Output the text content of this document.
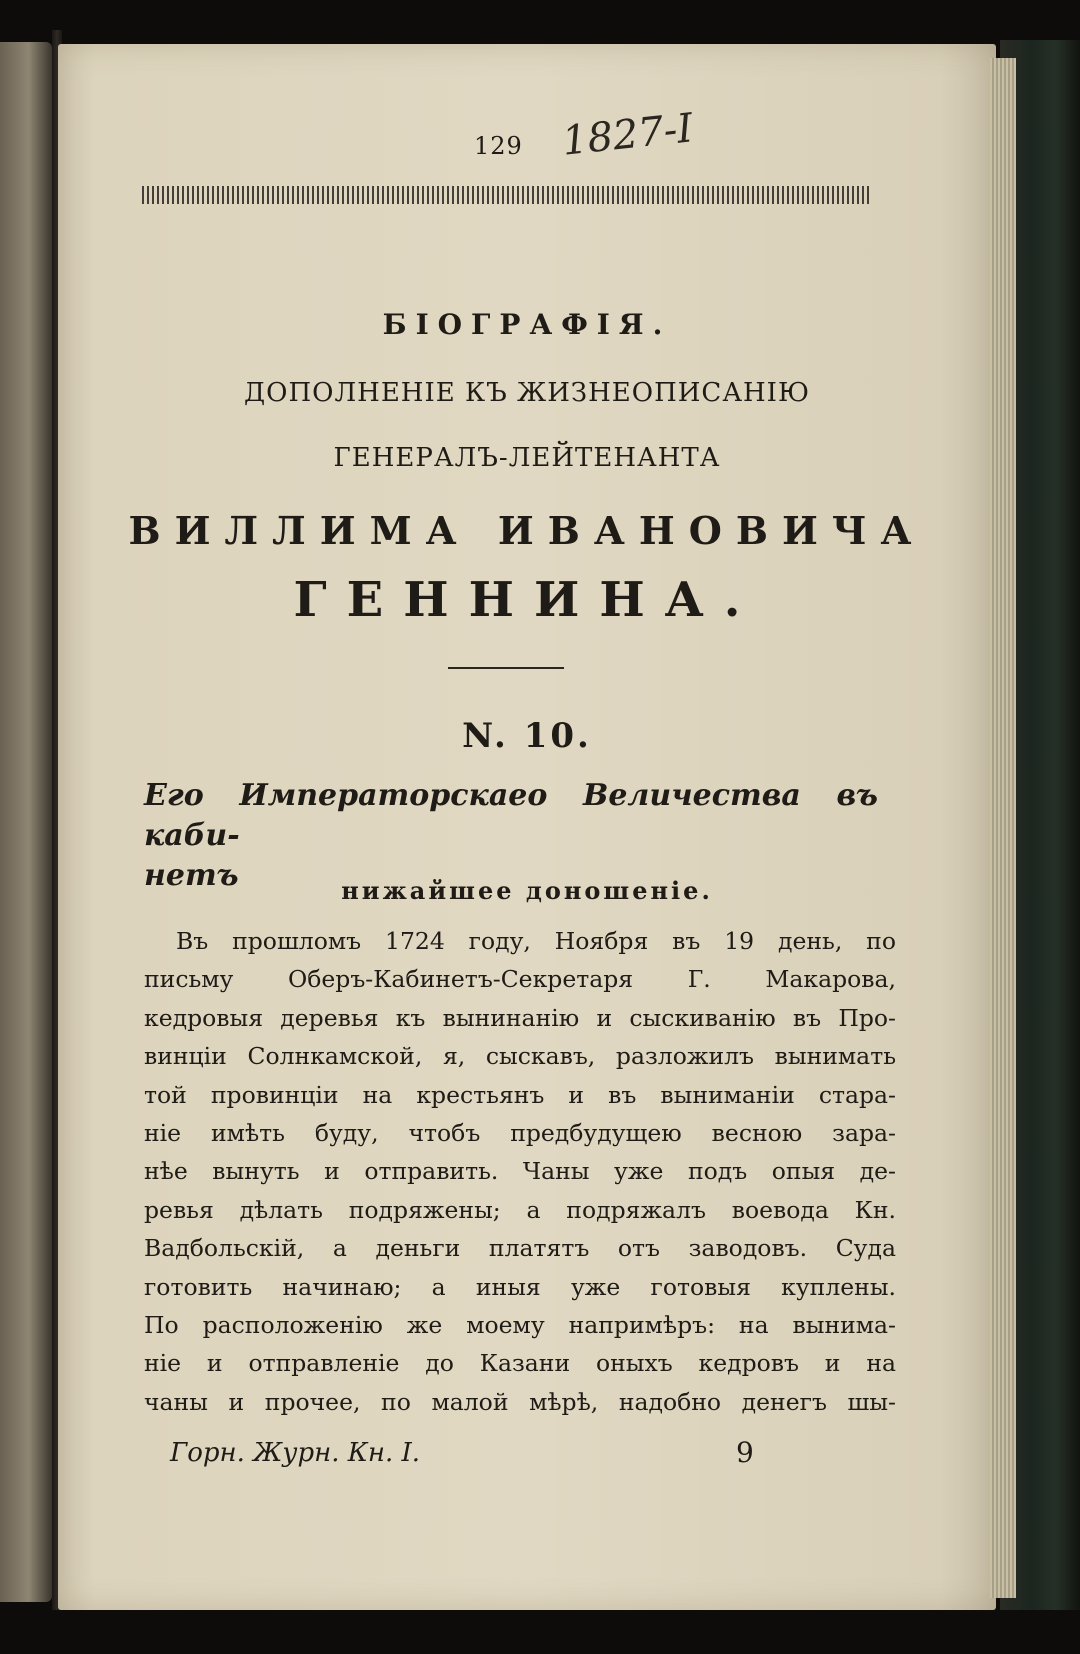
129 1827-I
БІОГРАФІЯ.
ДОПОЛНЕНІЕ КЪ ЖИЗНЕОПИСАНІЮ
ГЕНЕРАЛЪ-ЛЕЙТЕНАНТА
ВИЛЛИМА ИВАНОВИЧА
ГЕННИНА.
N. 10.
Его Императорскаео Величества въ каби-
нетъ	нижайшее доношеніе.
Въ прошломъ 1724 году, Ноября въ 19 день, по
письму Оберъ-Кабинетъ-Секретаря Г. Макарова,
кедровыя деревья къ вынинанію и сыскиванію въ Про-
винціи Солнкамской, я, сыскавъ, разложилъ вынимать
той провинціи на крестьянъ и въ выниманіи стара-
ніе имѣть буду, чтобъ предбудущею весною зара-
нѣе вынуть и отправить. Чаны уже подъ опыя де-
ревья дѣлать подряжены; а подряжалъ воевода Кн.
Вадбольскій, а деньги платятъ отъ заводовъ. Суда
готовить начинаю; а иныя уже готовыя куплены.
По расположенію же моему напримѣръ: на вынима-
ніе и отправленіе до Казани оныхъ кедровъ и на
чаны и прочее, по малой мѣрѣ, надобно денегъ шы-
Горн. Журн. Кн. I.	9
